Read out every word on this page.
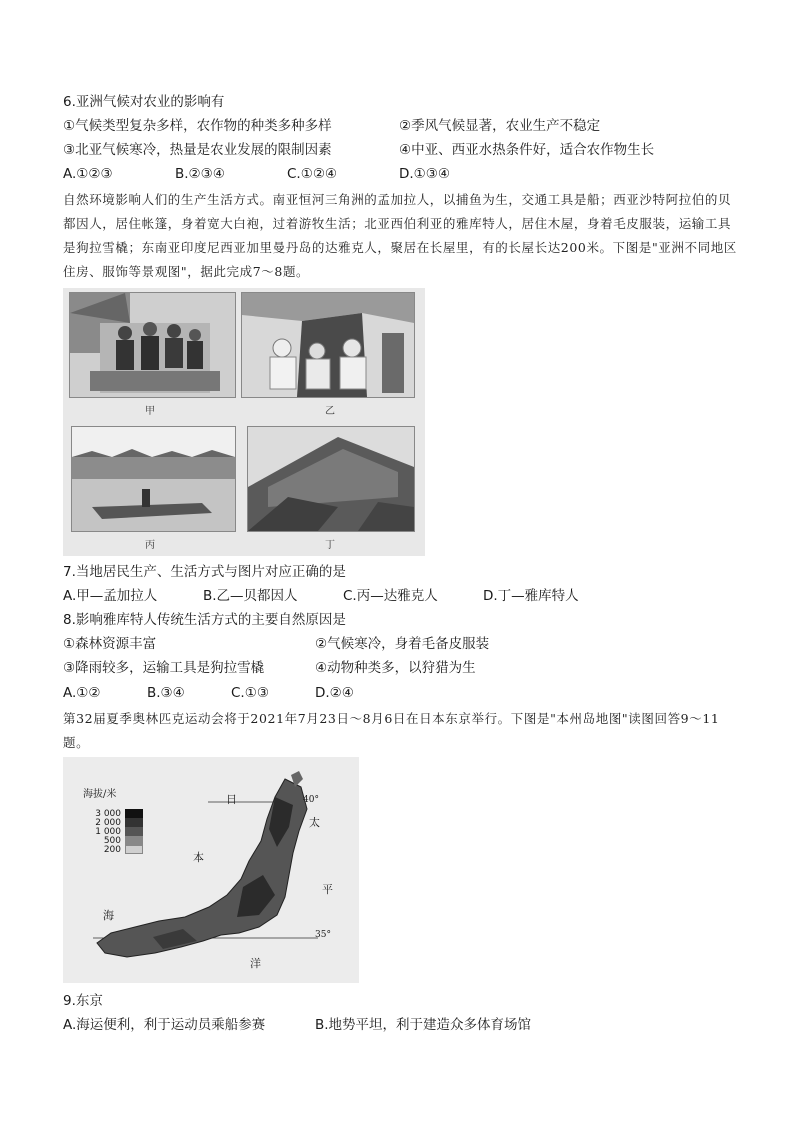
6.亚洲气候对农业的影响有
①气候类型复杂多样，农作物的种类多种多样	②季风气候显著，农业生产不稳定
③北亚气候寒冷，热量是农业发展的限制因素	④中亚、西亚水热条件好，适合农作物生长
A.①②③	B.②③④	C.①②④	D.①③④
自然环境影响人们的生产生活方式。南亚恒河三角洲的孟加拉人，以捕鱼为生，交通工具是船；西亚沙特阿拉伯的贝都因人，居住帐篷，身着宽大白袍，过着游牧生活；北亚西伯利亚的雅库特人，居住木屋，身着毛皮服装，运输工具是狗拉雪橇；东南亚印度尼西亚加里曼丹岛的达雅克人，聚居在长屋里，有的长屋长达200米。下图是"亚洲不同地区住房、服饰等景观图"，据此完成7～8题。
甲	乙
丙	丁
7.当地居民生产、生活方式与图片对应正确的是
A.甲—孟加拉人	B.乙—贝都因人	C.丙—达雅克人	D.丁—雅库特人
8.影响雅库特人传统生活方式的主要自然原因是
①森林资源丰富	②气候寒冷，身着毛备皮服装
③降雨较多，运输工具是狗拉雪橇	④动物种类多，以狩猎为生
A.①②	B.③④	C.①③	D.②④
第32届夏季奥林匹克运动会将于2021年7月23日～8月6日在日本东京举行。下图是"本州岛地图"读图回答9～11题。
海拔/米
3 000
2 000
1 000
500
200
日
本
海
太
平
洋
40°
35°
9.东京
A.海运便利，利于运动员乘船参赛	B.地势平坦，利于建造众多体育场馆
